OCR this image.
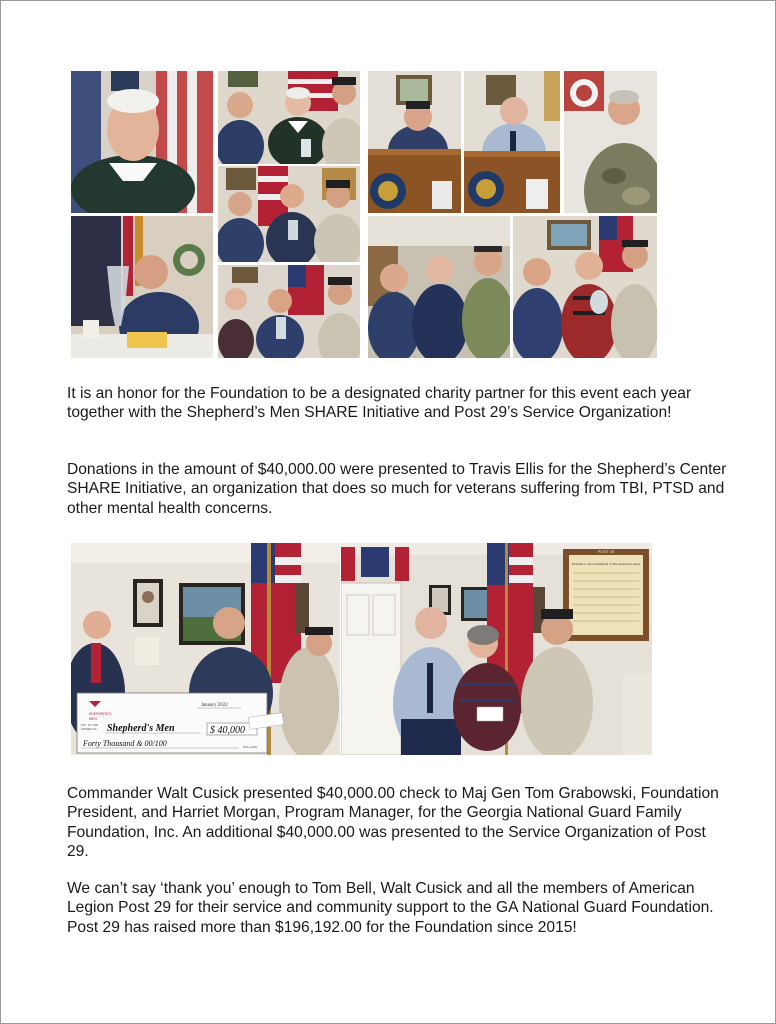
It is an honor for the Foundation to be a designated charity partner for this event each year together with the Shepherd’s Men SHARE Initiative and Post 29’s Service Organization!

Donations in the amount of $40,000.00 were presented to Travis Ellis for the Shepherd’s Center SHARE Initiative, an organization that does so much for veterans suffering from TBI, PTSD and other mental health concerns.

SHEPHERD'S
MEN
January 2022
PAY TO THE
ORDER OF Shepherd's Men	$ 40,000
Forty Thousand & 00/100	DOLLARS
POST 29
Preamble to the Constitution of The American Legion

Commander Walt Cusick presented $40,000.00 check to Maj Gen Tom Grabowski, Foundation President, and Harriet Morgan, Program Manager, for the Georgia National Guard Family Foundation, Inc. An additional $40,000.00 was presented to the Service Organization of Post 29.

We can’t say ‘thank you’ enough to Tom Bell, Walt Cusick and all the members of American Legion Post 29 for their service and community support to the GA National Guard Foundation. Post 29 has raised more than $196,192.00 for the Foundation since 2015!
